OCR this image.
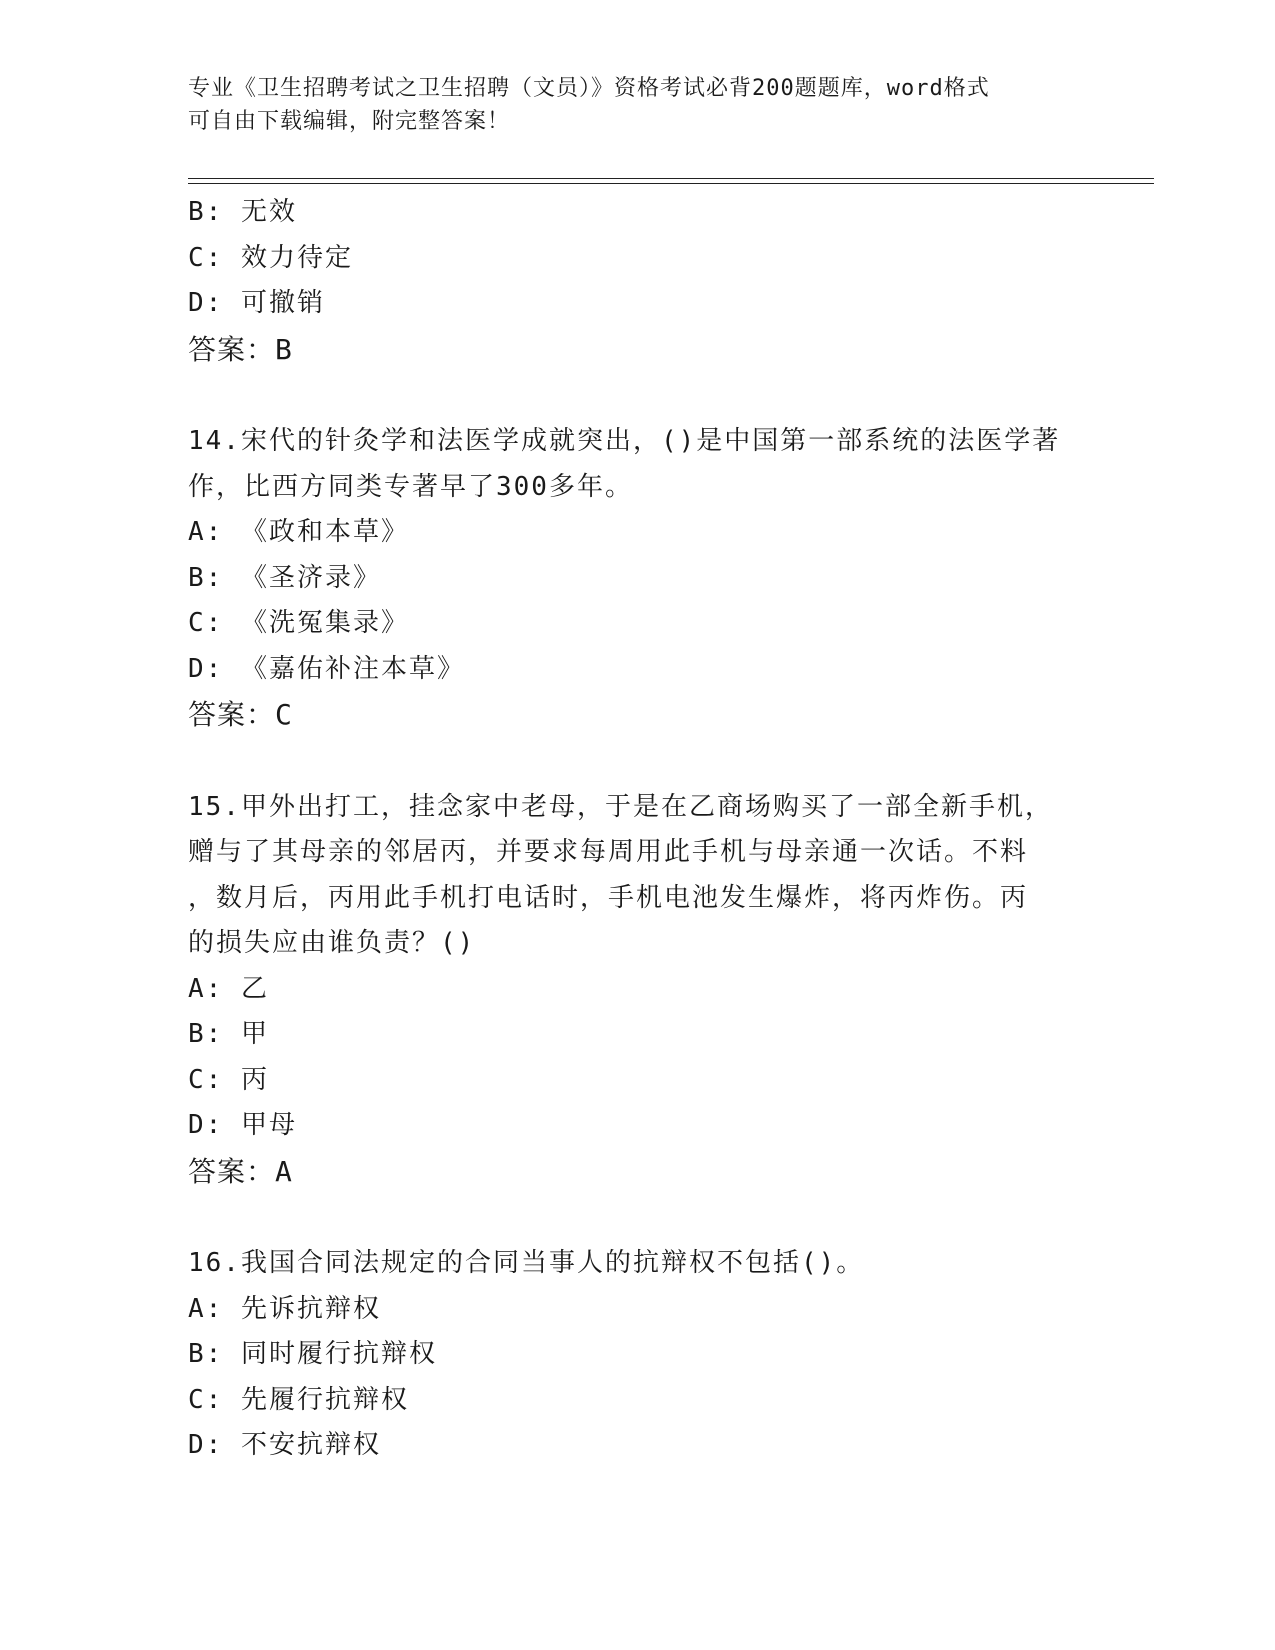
专业《卫生招聘考试之卫生招聘（文员）》资格考试必背200题题库，word格式
可自由下载编辑，附完整答案！
B: 无效
C: 效力待定
D: 可撤销
答案：B
14.宋代的针灸学和法医学成就突出，()是中国第一部系统的法医学著
作，比西方同类专著早了300多年。
A: 《政和本草》
B: 《圣济录》
C: 《洗冤集录》
D: 《嘉佑补注本草》
答案：C
15.甲外出打工，挂念家中老母，于是在乙商场购买了一部全新手机，
赠与了其母亲的邻居丙，并要求每周用此手机与母亲通一次话。不料
，数月后，丙用此手机打电话时，手机电池发生爆炸，将丙炸伤。丙
的损失应由谁负责？()
A: 乙
B: 甲
C: 丙
D: 甲母
答案：A
16.我国合同法规定的合同当事人的抗辩权不包括()。
A: 先诉抗辩权
B: 同时履行抗辩权
C: 先履行抗辩权
D: 不安抗辩权
